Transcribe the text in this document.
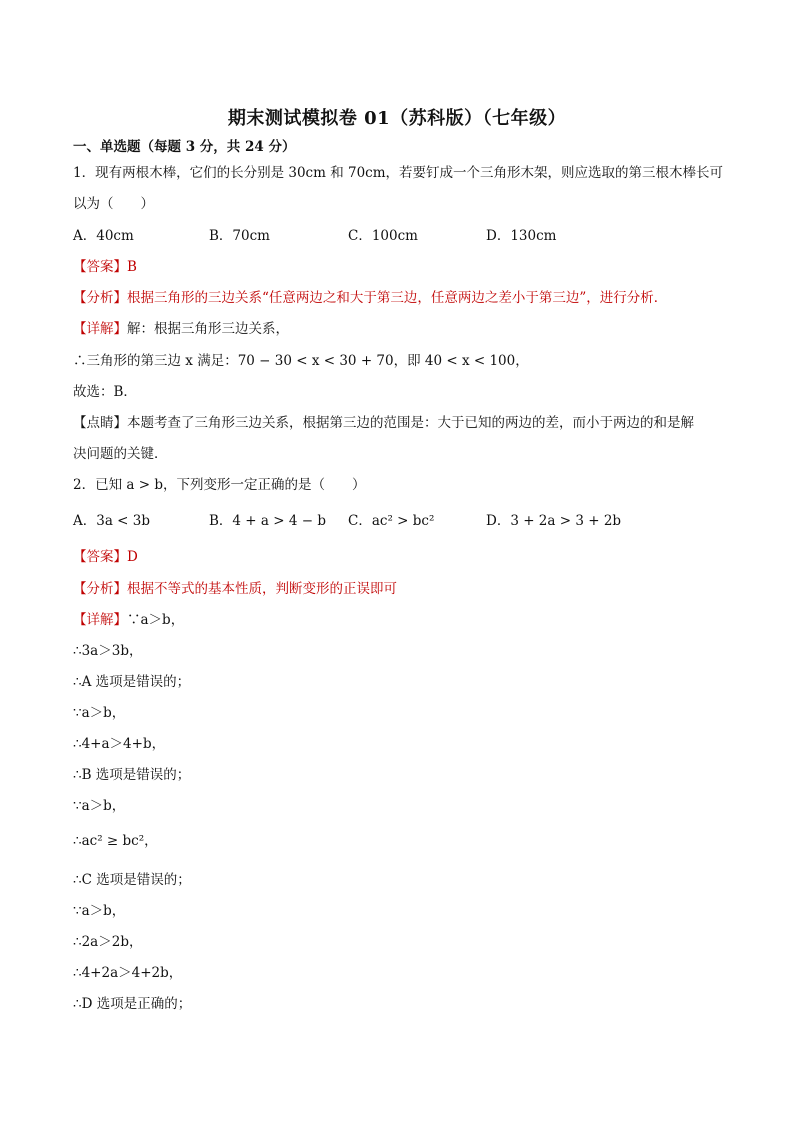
期末测试模拟卷 01（苏科版）（七年级）
一、单选题（每题 3 分，共 24 分）
1．现有两根木棒，它们的长分别是 30cm 和 70cm，若要钉成一个三角形木架，则应选取的第三根木棒长可
以为（　　）
A．40cm	B．70cm	C．100cm	D．130cm
【答案】B
【分析】根据三角形的三边关系“任意两边之和大于第三边，任意两边之差小于第三边”，进行分析．
【详解】解：根据三角形三边关系，
∴三角形的第三边 x 满足：70 − 30 < x < 30 + 70，即 40 < x < 100，
故选：B．
【点睛】本题考查了三角形三边关系，根据第三边的范围是：大于已知的两边的差，而小于两边的和是解
决问题的关键．
2．已知 a > b，下列变形一定正确的是（　　）
A．3a < 3b	B．4 + a > 4 − b C．ac² > bc²	D．3 + 2a > 3 + 2b
【答案】D
【分析】根据不等式的基本性质，判断变形的正误即可
【详解】∵a＞b，
∴3a＞3b，
∴A 选项是错误的；
∵a＞b，
∴4+a＞4+b，
∴B 选项是错误的；
∵a＞b，
∴ac² ≥ bc²，
∴C 选项是错误的；
∵a＞b，
∴2a＞2b，
∴4+2a＞4+2b，
∴D 选项是正确的；
